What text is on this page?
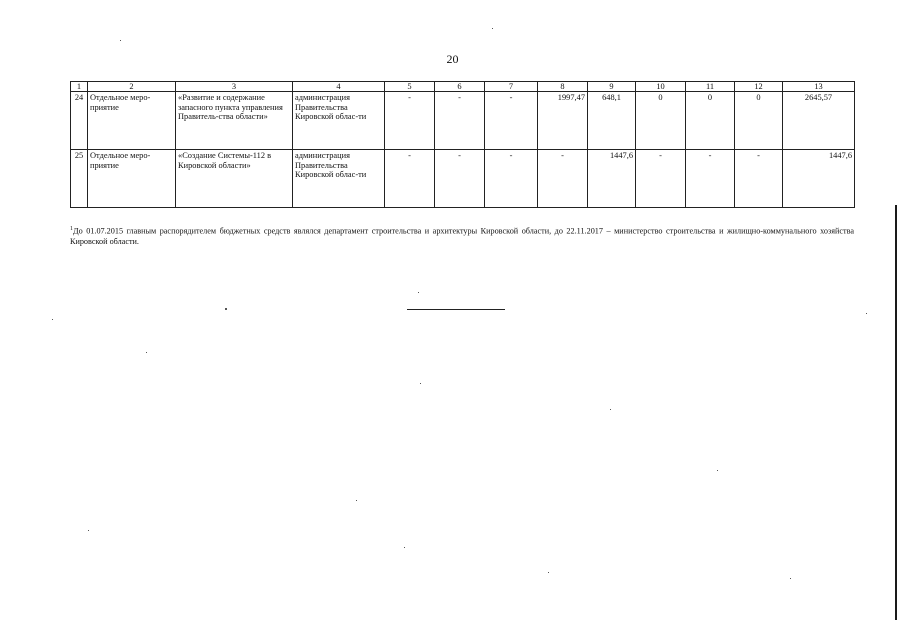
20
1	2	3	4	5	6	7	8	9	10	11	12	13
24	Отдельное меро-приятие	«Развитие и содержание запасного пункта управления Правитель-ства области»	администрация Правительства Кировской облас-ти	-	-	-	1997,47	648,1	0	0	0	2645,57
25	Отдельное меро-приятие	«Создание Системы-112 в Кировской области»	администрация Правительства Кировской облас-ти	-	-	-	-	1447,6	-	-	-	1447,6
$^1$До 01.07.2015 главным распорядителем бюджетных средств являлся департамент строительства и архитектуры Кировской области, до 22.11.2017 – министерство строительства и жилищно-коммунального хозяйства Кировской области.
